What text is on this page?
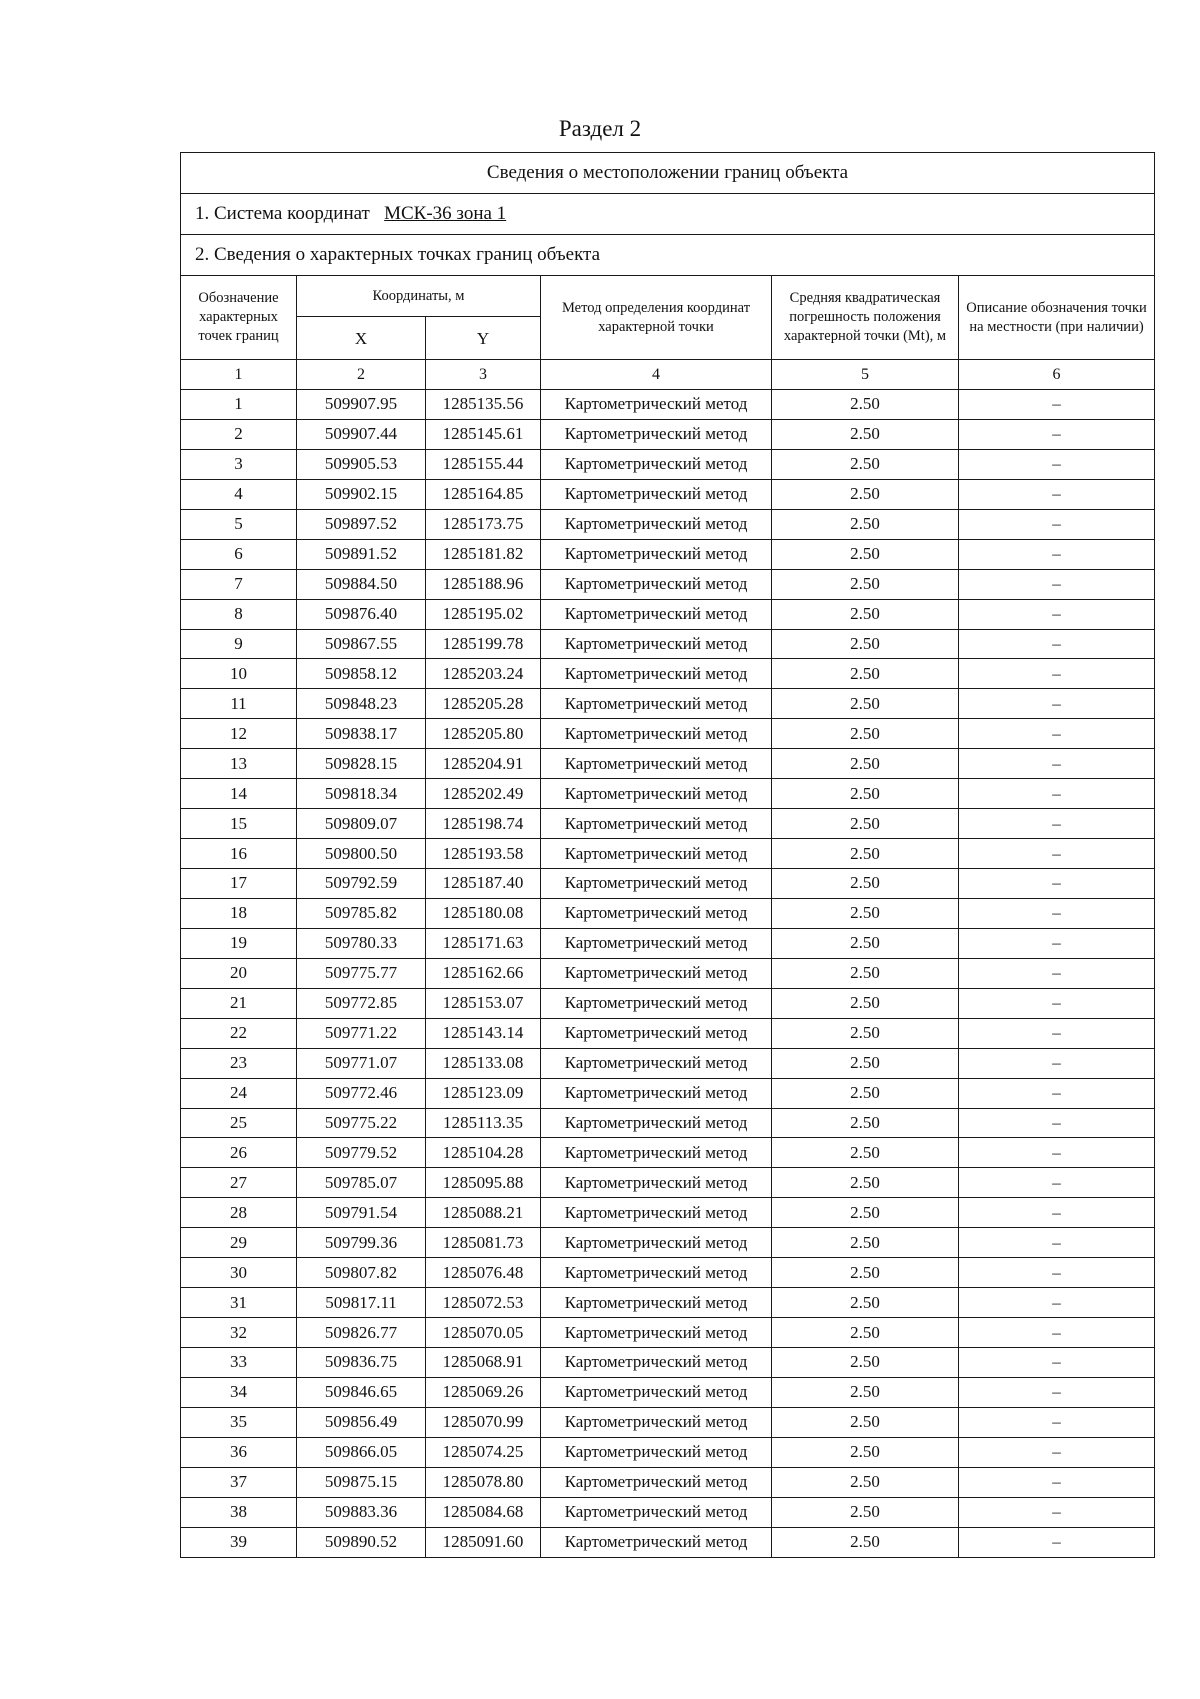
Раздел 2
Сведения о местоположении границ объекта					
1. Система координат МСК-36 зона 1					
2. Сведения о характерных точках границ объекта					
Обозначение характерных точек границ	Координаты, м		Метод определения координат характерной точки	Средняя квадратическая погрешность положения характерной точки (Mt), м	Описание обозначения точки на местности (при наличии)
	X	Y			
1	2	3	4	5	6
1	509907.95	1285135.56	Картометрический метод	2.50	–
2	509907.44	1285145.61	Картометрический метод	2.50	–
3	509905.53	1285155.44	Картометрический метод	2.50	–
4	509902.15	1285164.85	Картометрический метод	2.50	–
5	509897.52	1285173.75	Картометрический метод	2.50	–
6	509891.52	1285181.82	Картометрический метод	2.50	–
7	509884.50	1285188.96	Картометрический метод	2.50	–
8	509876.40	1285195.02	Картометрический метод	2.50	–
9	509867.55	1285199.78	Картометрический метод	2.50	–
10	509858.12	1285203.24	Картометрический метод	2.50	–
11	509848.23	1285205.28	Картометрический метод	2.50	–
12	509838.17	1285205.80	Картометрический метод	2.50	–
13	509828.15	1285204.91	Картометрический метод	2.50	–
14	509818.34	1285202.49	Картометрический метод	2.50	–
15	509809.07	1285198.74	Картометрический метод	2.50	–
16	509800.50	1285193.58	Картометрический метод	2.50	–
17	509792.59	1285187.40	Картометрический метод	2.50	–
18	509785.82	1285180.08	Картометрический метод	2.50	–
19	509780.33	1285171.63	Картометрический метод	2.50	–
20	509775.77	1285162.66	Картометрический метод	2.50	–
21	509772.85	1285153.07	Картометрический метод	2.50	–
22	509771.22	1285143.14	Картометрический метод	2.50	–
23	509771.07	1285133.08	Картометрический метод	2.50	–
24	509772.46	1285123.09	Картометрический метод	2.50	–
25	509775.22	1285113.35	Картометрический метод	2.50	–
26	509779.52	1285104.28	Картометрический метод	2.50	–
27	509785.07	1285095.88	Картометрический метод	2.50	–
28	509791.54	1285088.21	Картометрический метод	2.50	–
29	509799.36	1285081.73	Картометрический метод	2.50	–
30	509807.82	1285076.48	Картометрический метод	2.50	–
31	509817.11	1285072.53	Картометрический метод	2.50	–
32	509826.77	1285070.05	Картометрический метод	2.50	–
33	509836.75	1285068.91	Картометрический метод	2.50	–
34	509846.65	1285069.26	Картометрический метод	2.50	–
35	509856.49	1285070.99	Картометрический метод	2.50	–
36	509866.05	1285074.25	Картометрический метод	2.50	–
37	509875.15	1285078.80	Картометрический метод	2.50	–
38	509883.36	1285084.68	Картометрический метод	2.50	–
39	509890.52	1285091.60	Картометрический метод	2.50	–
